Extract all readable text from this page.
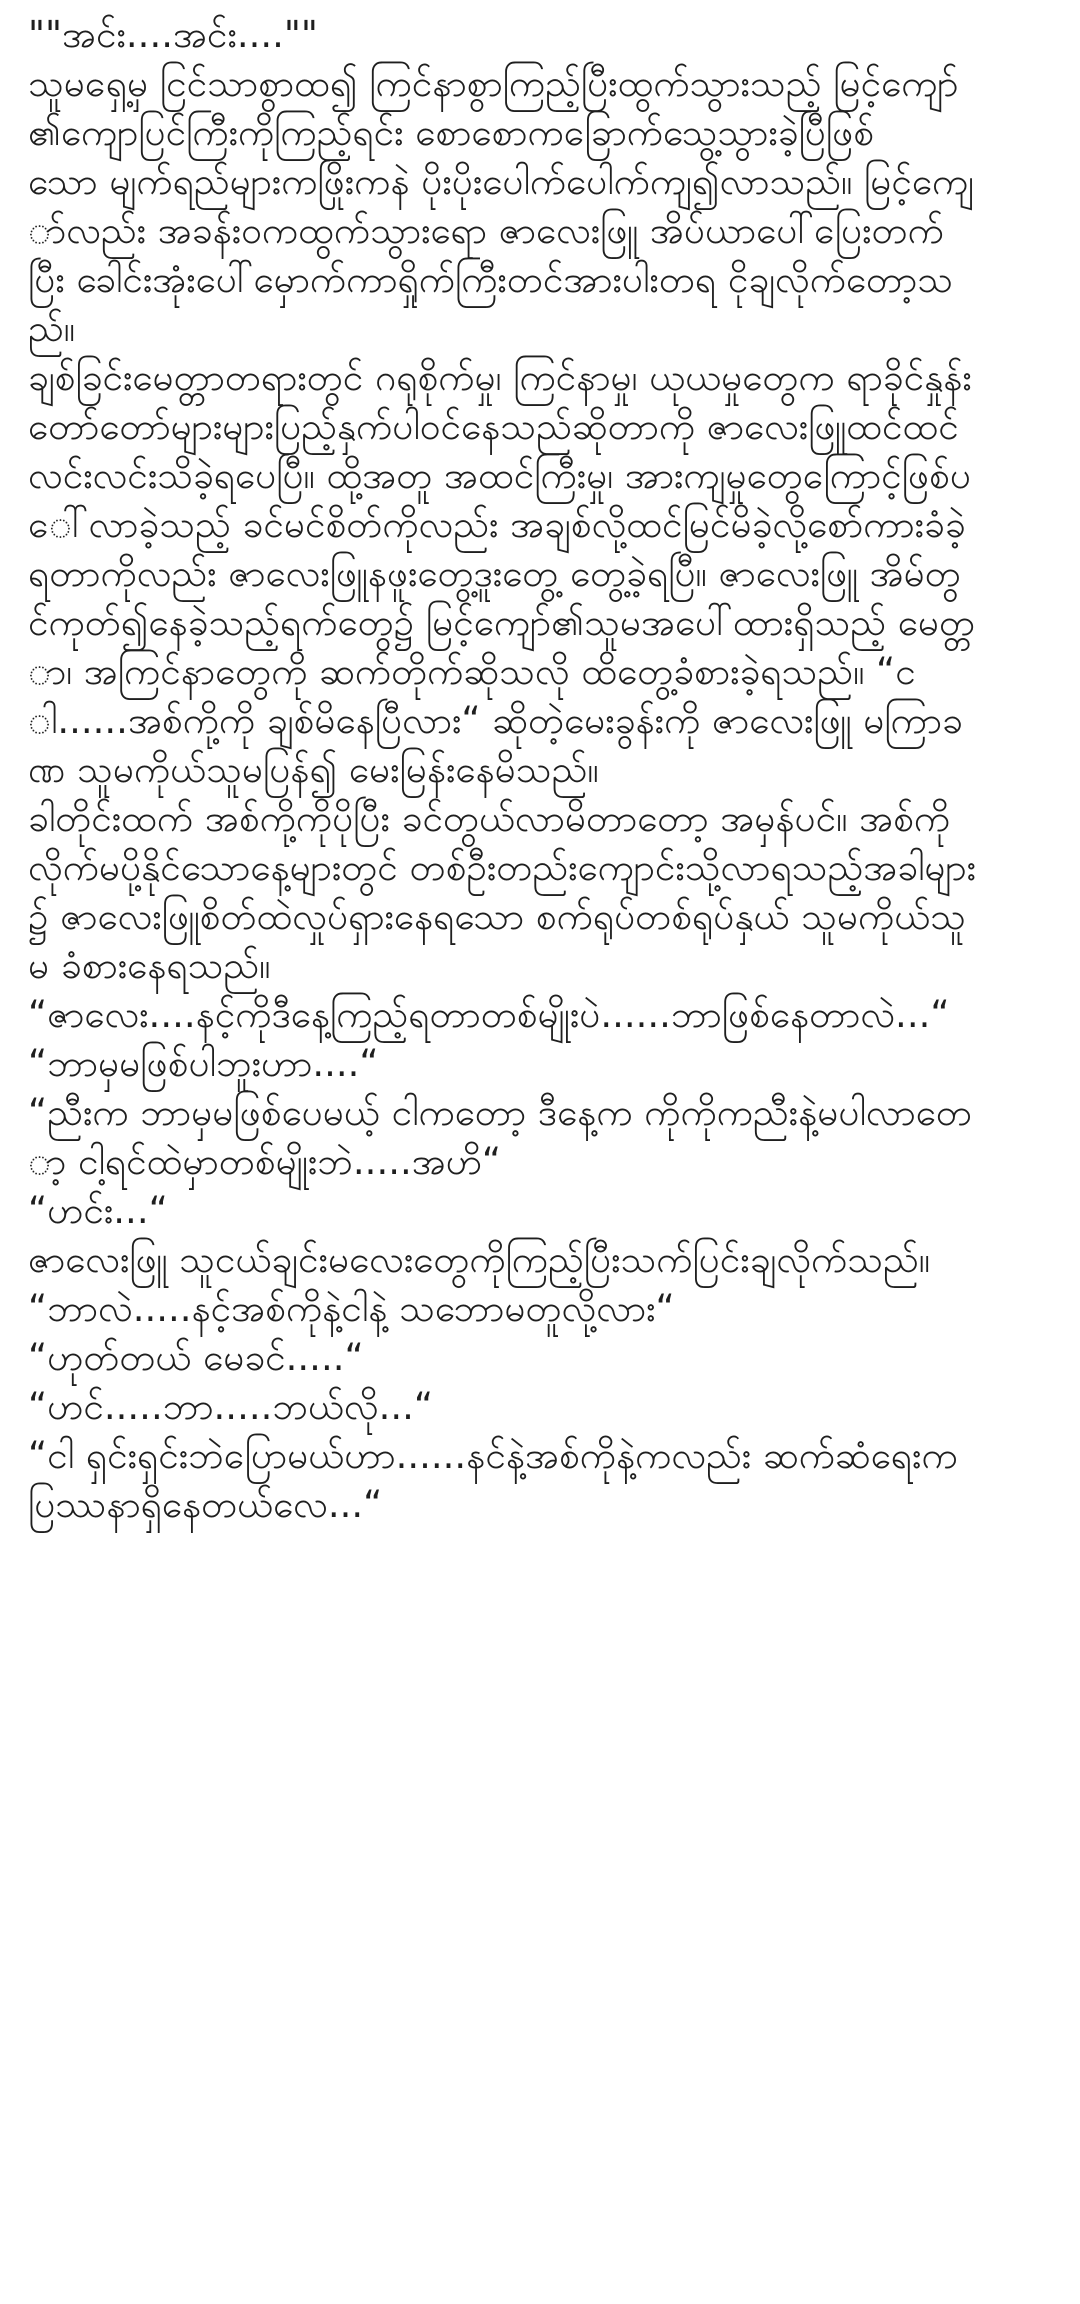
""အင်း....အင်း....""

သူမရှေ့မှ ငြင်သာစွာထ၍ ကြင်နာစွာကြည့်ပြီးထွက်သွားသည့် မြင့်ကျော်၏ကျောပြင်ကြီးကိုကြည့်ရင်း စောစောကခြောက်သွေ့သွားခဲ့ပြီဖြစ်

သော မျက်ရည်များကဖြိုးကနဲ ပိုးပိုးပေါက်ပေါက်ကျ၍လာသည်။ မြင့်ကျော်လည်း အခန်းဝကထွက်သွားရော ဇာလေးဖြူ အိပ်ယာပေါ်ပြေးတက်

ပြီး ခေါင်းအုံးပေါ်မှောက်ကာရှိုက်ကြီးတင်အားပါးတရ ငိုချလိုက်တော့သည်။

ချစ်ခြင်းမေတ္တာတရားတွင် ဂရုစိုက်မှု၊ ကြင်နာမှု၊ ယုယမှုတွေက ရာခိုင်နှုန်းတော်တော်များများပြည့်နှက်ပါဝင်နေသည်ဆိုတာကို ဇာလေးဖြူထင်ထင်လင်းလင်းသိခဲ့ရပေပြီ။ ထို့အတူ အထင်ကြီးမှု၊ အားကျမှုတွေကြောင့်ဖြစ်ပေါ်လာခဲ့သည့် ခင်မင်စိတ်ကိုလည်း အချစ်လို့ထင်မြင်မိခဲ့လို့စော်ကားခံခဲ့ရတာကိုလည်း ဇာလေးဖြူနဖူးတွေ့ဒူးတွေ့ တွေ့ခဲ့ရပြီ။ ဇာလေးဖြူ အိမ်တွင်ကုတ်၍နေခဲ့သည့်ရက်တွေ၌ မြင့်ကျော်၏သူမအပေါ်ထားရှိသည့် မေတ္တာ၊ အကြင်နာတွေကို ဆက်တိုက်ဆိုသလို ထိတွေ့ခံစားခဲ့ရသည်။ “ငါ......အစ်ကို့ကို ချစ်မိနေပြီလား“ ဆိုတဲ့မေးခွန်းကို ဇာလေးဖြူ မကြာခဏ သူမကိုယ်သူမပြန်၍ မေးမြန်းနေမိသည်။

ခါတိုင်းထက် အစ်ကို့ကိုပိုပြီး ခင်တွယ်လာမိတာတော့ အမှန်ပင်။ အစ်ကိုလိုက်မပို့နိုင်သောနေ့များတွင် တစ်ဦးတည်းကျောင်းသို့လာရသည့်အခါများ၌ ဇာလေးဖြူစိတ်ထဲလှုပ်ရှားနေရသော စက်ရုပ်တစ်ရုပ်နှယ် သူမကိုယ်သူမ ခံစားနေရသည်။

“ဇာလေး....နင့်ကိုဒီနေ့ကြည့်ရတာတစ်မျိုးပဲ......ဘာဖြစ်နေတာလဲ...“

“ဘာမှမဖြစ်ပါဘူးဟာ....“

“ညီးက ဘာမှမဖြစ်ပေမယ့် ငါကတော့ ဒီနေ့က ကိုကိုကညီးနဲ့မပါလာတော့ ငါ့ရင်ထဲမှာတစ်မျိုးဘဲ.....အဟိ“

“ဟင်း...“

ဇာလေးဖြူ သူငယ်ချင်းမလေးတွေကိုကြည့်ပြီးသက်ပြင်းချလိုက်သည်။

“ဘာလဲ.....နင့်အစ်ကိုနဲ့ငါနဲ့ သဘောမတူလို့လား“

“ဟုတ်တယ် မေခင်.....“

“ဟင်.....ဘာ.....ဘယ်လို...“

“ငါ ရှင်းရှင်းဘဲပြောမယ်ဟာ......နင်နဲ့အစ်ကိုနဲ့ကလည်း ဆက်ဆံရေးက ပြဿနာရှိနေတယ်လေ...“
